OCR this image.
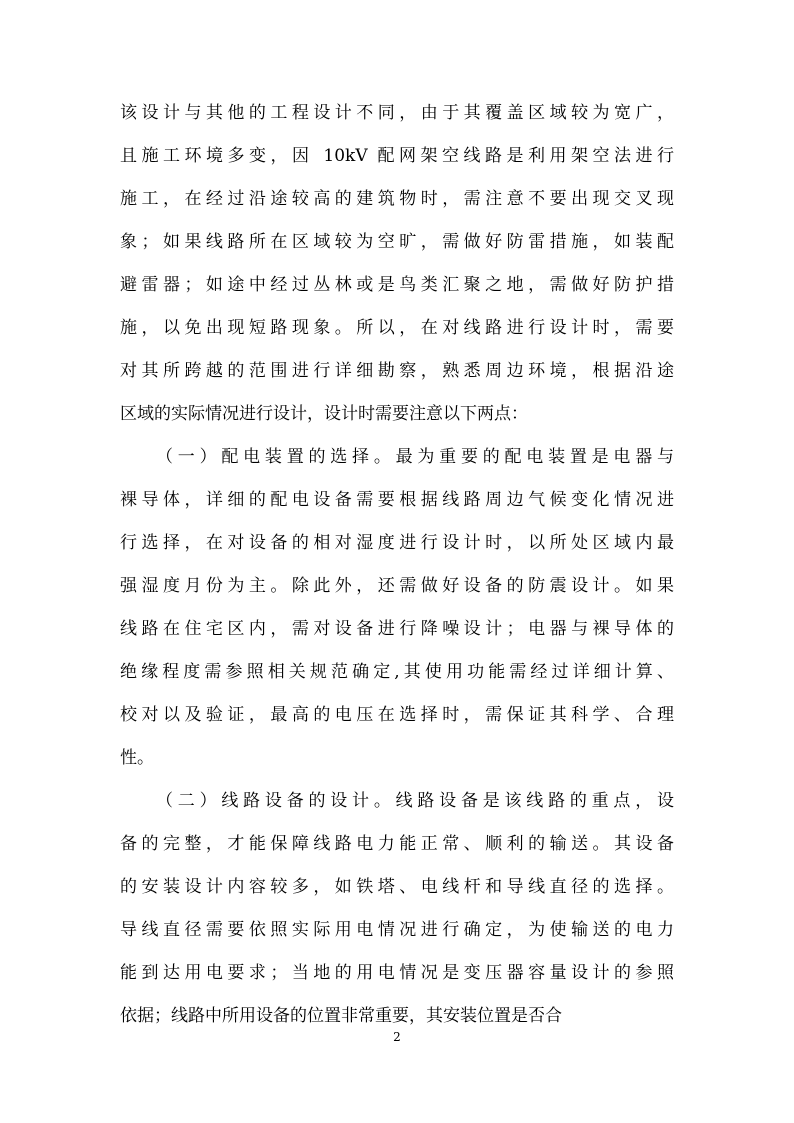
该设计与其他的工程设计不同，由于其覆盖区域较为宽广，
且施工环境多变，因 10kV 配网架空线路是利用架空法进行
施工，在经过沿途较高的建筑物时，需注意不要出现交叉现
象；如果线路所在区域较为空旷，需做好防雷措施，如装配
避雷器；如途中经过丛林或是鸟类汇聚之地，需做好防护措
施，以免出现短路现象。所以，在对线路进行设计时，需要
对其所跨越的范围进行详细勘察，熟悉周边环境，根据沿途
区域的实际情况进行设计，设计时需要注意以下两点：
（一）配电装置的选择。最为重要的配电装置是电器与
裸导体，详细的配电设备需要根据线路周边气候变化情况进
行选择，在对设备的相对湿度进行设计时，以所处区域内最
强湿度月份为主。除此外，还需做好设备的防震设计。如果
线路在住宅区内，需对设备进行降噪设计；电器与裸导体的
绝缘程度需参照相关规范确定,其使用功能需经过详细计算、
校对以及验证，最高的电压在选择时，需保证其科学、合理
性。
（二）线路设备的设计。线路设备是该线路的重点，设
备的完整，才能保障线路电力能正常、顺利的输送。其设备
的安装设计内容较多，如铁塔、电线杆和导线直径的选择。
导线直径需要依照实际用电情况进行确定，为使输送的电力
能到达用电要求；当地的用电情况是变压器容量设计的参照
依据；线路中所用设备的位置非常重要，其安装位置是否合
2
